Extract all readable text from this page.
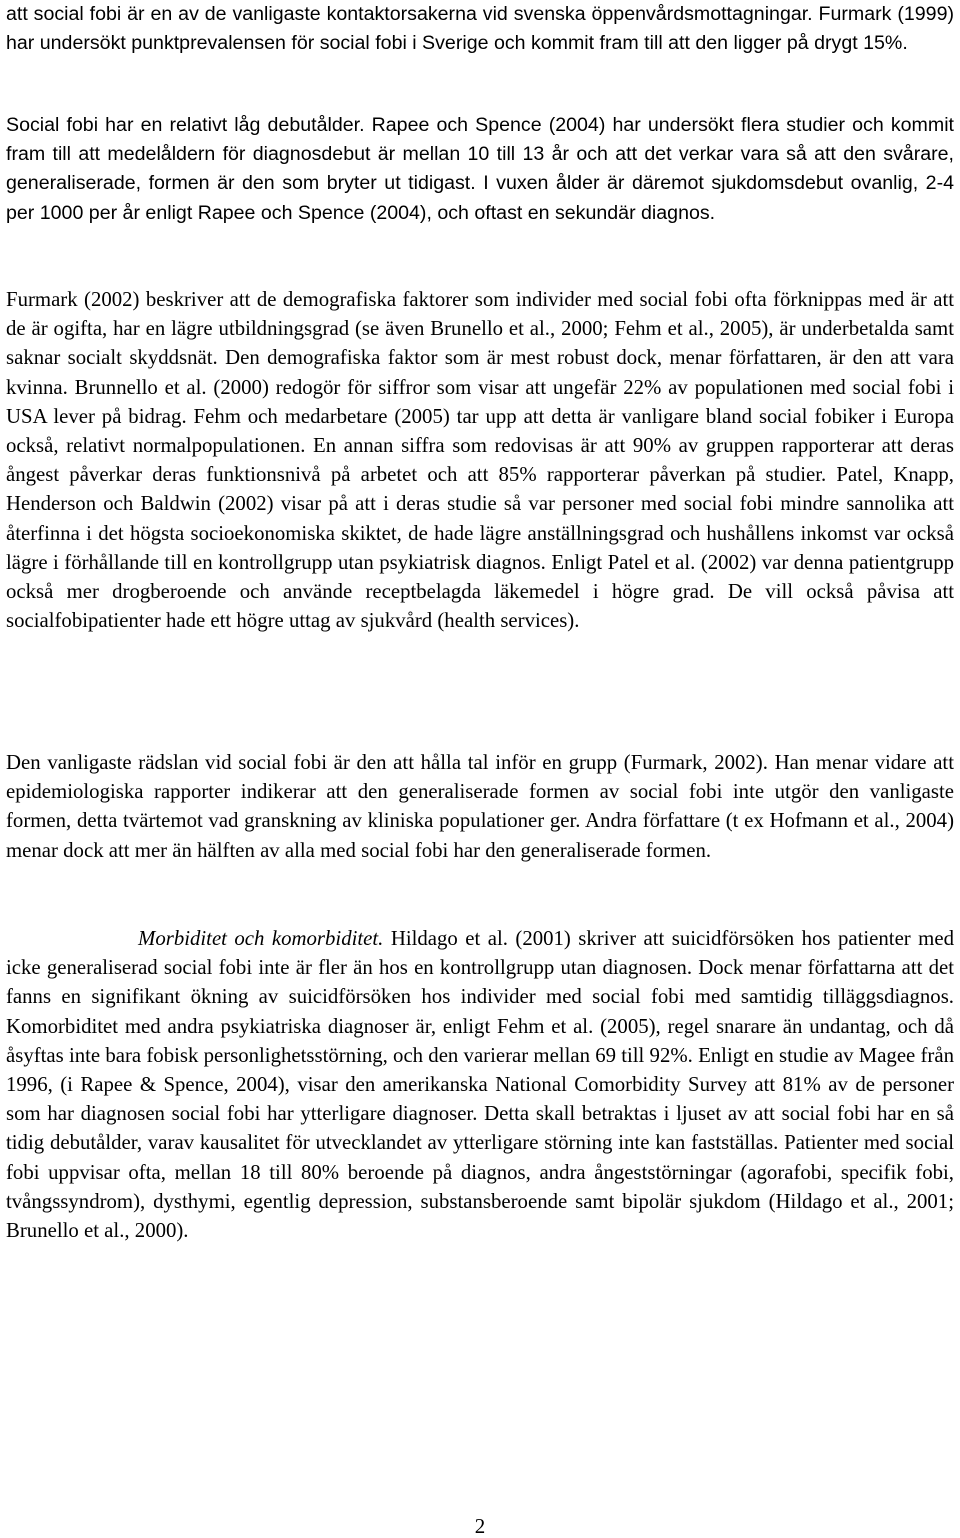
att social fobi är en av de vanligaste kontaktorsakerna vid svenska öppenvårdsmottagningar. Furmark (1999) har undersökt punktprevalensen för social fobi i Sverige och kommit fram till att den ligger på drygt 15%.

Social fobi har en relativt låg debutålder. Rapee och Spence (2004) har undersökt flera studier och kommit fram till att medelåldern för diagnosdebut är mellan 10 till 13 år och att det verkar vara så att den svårare, generaliserade, formen är den som bryter ut tidigast. I vuxen ålder är däremot sjukdomsdebut ovanlig, 2-4 per 1000 per år enligt Rapee och Spence (2004), och oftast en sekundär diagnos.

Furmark (2002) beskriver att de demografiska faktorer som individer med social fobi ofta förknippas med är att de är ogifta, har en lägre utbildningsgrad (se även Brunello et al., 2000; Fehm et al., 2005), är underbetalda samt saknar socialt skyddsnät. Den demografiska faktor som är mest robust dock, menar författaren, är den att vara kvinna. Brunnello et al. (2000) redogör för siffror som visar att ungefär 22% av populationen med social fobi i USA lever på bidrag. Fehm och medarbetare (2005) tar upp att detta är vanligare bland social fobiker i Europa också, relativt normalpopulationen. En annan siffra som redovisas är att 90% av gruppen rapporterar att deras ångest påverkar deras funktionsnivå på arbetet och att 85% rapporterar påverkan på studier. Patel, Knapp, Henderson och Baldwin (2002) visar på att i deras studie så var personer med social fobi mindre sannolika att återfinna i det högsta socioekonomiska skiktet, de hade lägre anställningsgrad och hushållens inkomst var också lägre i förhållande till en kontrollgrupp utan psykiatrisk diagnos. Enligt Patel et al. (2002) var denna patientgrupp också mer drogberoende och använde receptbelagda läkemedel i högre grad. De vill också påvisa att socialfobipatienter hade ett högre uttag av sjukvård (health services).

Den vanligaste rädslan vid social fobi är den att hålla tal inför en grupp (Furmark, 2002). Han menar vidare att epidemiologiska rapporter indikerar att den generaliserade formen av social fobi inte utgör den vanligaste formen, detta tvärtemot vad granskning av kliniska populationer ger. Andra författare (t ex Hofmann et al., 2004) menar dock att mer än hälften av alla med social fobi har den generaliserade formen.

Morbiditet och komorbiditet. Hildago et al. (2001) skriver att suicidförsöken hos patienter med icke generaliserad social fobi inte är fler än hos en kontrollgrupp utan diagnosen. Dock menar författarna att det fanns en signifikant ökning av suicidförsöken hos individer med social fobi med samtidig tilläggsdiagnos. Komorbiditet med andra psykiatriska diagnoser är, enligt Fehm et al. (2005), regel snarare än undantag, och då åsyftas inte bara fobisk personlighetsstörning, och den varierar mellan 69 till 92%. Enligt en studie av Magee från 1996, (i Rapee & Spence, 2004), visar den amerikanska National Comorbidity Survey att 81% av de personer som har diagnosen social fobi har ytterligare diagnoser. Detta skall betraktas i ljuset av att social fobi har en så tidig debutålder, varav kausalitet för utvecklandet av ytterligare störning inte kan fastställas. Patienter med social fobi uppvisar ofta, mellan 18 till 80% beroende på diagnos, andra ångeststörningar (agorafobi, specifik fobi, tvångssyndrom), dysthymi, egentlig depression, substansberoende samt bipolär sjukdom (Hildago et al., 2001; Brunello et al., 2000).

2
